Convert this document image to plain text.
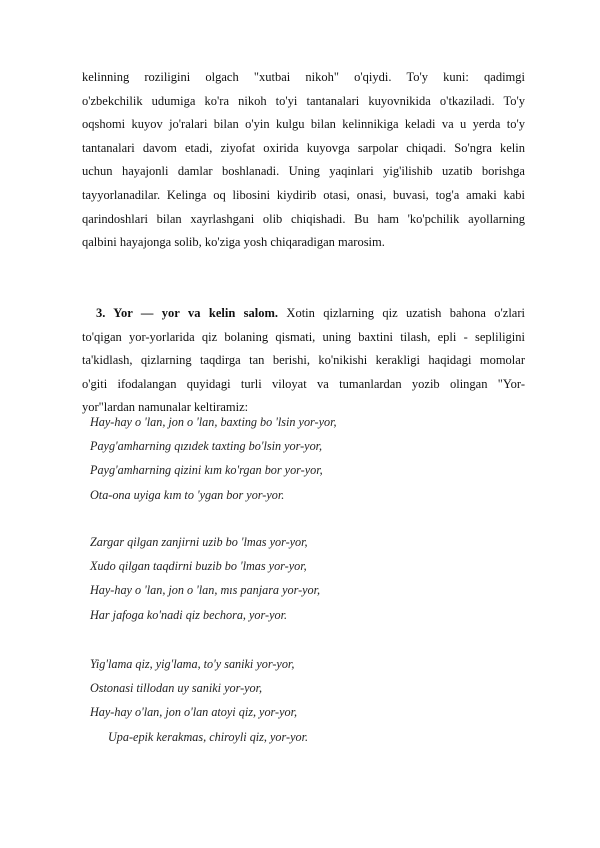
kelinning roziligini olgach "xutbai nikoh" o'qiydi. To'y kuni: qadimgi
o'zbekchilik udumiga ko'ra nikoh to'yi tantanalari kuyovnikida o'tkaziladi. To'y
oqshomi kuyov jo'ralari bilan o'yin kulgu bilan kelinnikiga keladi va u yerda to'y
tantanalari davom etadi, ziyofat oxirida kuyovga sarpolar chiqadi. So'ngra kelin
uchun hayajonli damlar boshlanadi. Uning yaqinlari yig'ilishib uzatib borishga
tayyorlanadilar. Kelinga oq libosini kiydirib otasi, onasi, buvasi, tog'a amaki kabi
qarindoshlari bilan xayrlashgani olib chiqishadi. Bu ham 'ko'pchilik ayollarning
qalbini hayajonga solib, ko'ziga yosh chiqaradigan marosim.
3. Yor — yor va kelin salom. Xotin qizlarning qiz uzatish bahona o'zlari
to'qigan yor-yorlarida qiz bolaning qismati, uning baxtini tilash, epli - sepliligini
ta'kidlash, qizlarning taqdirga tan berishi, ko'nikishi kerakligi haqidagi momolar
o'giti ifodalangan quyidagi turli viloyat va tumanlardan yozib olingan "Yor-
yor"lardan namunalar keltiramiz:
Hay-hay o 'lan, jon o 'lan, baxting bo 'lsin yor-yor,
Payg'amharning qızıdek taxting bo'lsin yor-yor,
Payg'amharning qizini kım ko'rgan bor yor-yor,
Ota-ona uyiga kım to 'ygan bor yor-yor.
Zargar qilgan zanjirni uzib bo 'lmas yor-yor,
Xudo qilgan taqdirni buzib bo 'lmas yor-yor,
Hay-hay o 'lan, jon o 'lan, mıs panjara yor-yor,
Har jafoga ko'nadi qiz bechora, yor-yor.
Yig'lama qiz, yig'lama, to'y saniki yor-yor,
Ostonasi tillodan uy saniki yor-yor,
Hay-hay o'lan, jon o'lan atoyi qiz, yor-yor,
Upa-epik kerakmas, chiroyli qiz, yor-yor.
